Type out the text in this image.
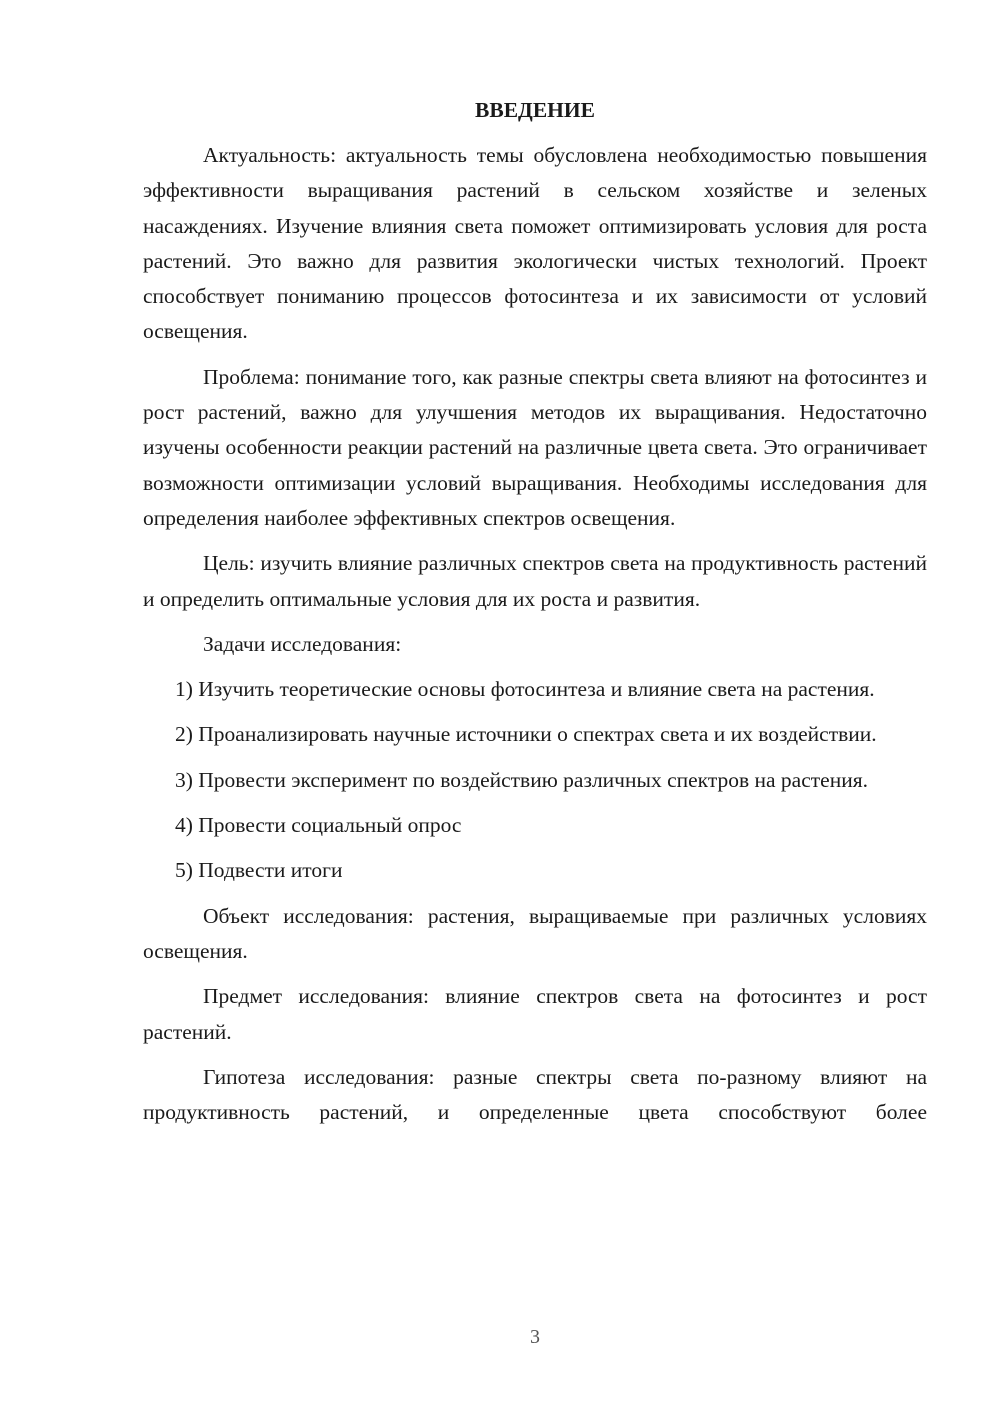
ВВЕДЕНИЕ

Актуальность: актуальность темы обусловлена необходимостью повышения эффективности выращивания растений в сельском хозяйстве и зеленых насаждениях. Изучение влияния света поможет оптимизировать условия для роста растений. Это важно для развития экологически чистых технологий. Проект способствует пониманию процессов фотосинтеза и их зависимости от условий освещения.

Проблема: понимание того, как разные спектры света влияют на фотосинтез и рост растений, важно для улучшения методов их выращивания. Недостаточно изучены особенности реакции растений на различные цвета света. Это ограничивает возможности оптимизации условий выращивания. Необходимы исследования для определения наиболее эффективных спектров освещения.

Цель: изучить влияние различных спектров света на продуктивность растений и определить оптимальные условия для их роста и развития.

Задачи исследования:

1) Изучить теоретические основы фотосинтеза и влияние света на растения.

2) Проанализировать научные источники о спектрах света и их воздействии.

3) Провести эксперимент по воздействию различных спектров на растения.

4) Провести социальный опрос

5) Подвести итоги

Объект исследования: растения, выращиваемые при различных условиях освещения.

Предмет исследования: влияние спектров света на фотосинтез и рост растений.

Гипотеза исследования: разные спектры света по-разному влияют на продуктивность растений, и определенные цвета способствуют более

3
